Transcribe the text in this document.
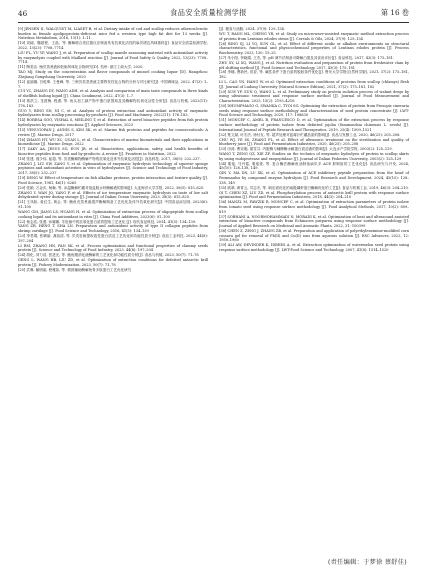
46	食品安全质量检测学报	第 16 卷

[9] JENSEN II, WALQUIST M, LIASET B, et al. Dietary intake of cod and scallop reduces atherosclerotic burden in female apolipoprotein-deficient mice fed a western type high fat diet for 13 weeks [J]. Nutrition Metabolism, 2016, 13(1): 1–11.

[10] 刘阔、魏超程、王晶、等. 酶解联合美拉德反应制备具有抗氧化活性的扇贝裙边风味基料[J]. 食品安全质量检测学报, 2022, 13(23): 7708–7714.

LIU FL, YU YP, WANG J, et al. Preparation of scallop mantle seasoning material with antioxidant activity by enzymolysis coupled with Maillard reaction [J]. Journal of Food Safety & Quality, 2022, 13(23): 7708–7714.

[11] 陶美洁. 贻贝蒸煮液和牡蛎风味化合物研究[D]. 杭州: 浙江工商大学, 2020.

TAO MJ. Study on the concentration and flavor compounds of mussel cooking liquor [D]. Hangzhou: Zhejiang Gongshang University, 2020

[12] 崔丽娜, 吕乾坤, 王曼峰, 等. 三种贝类蒸煮液主要挥发性化合物的分析与对比研究[J]. 中国调味品, 2022, 47(3): 1–7.

CUI YC, ZHANG DY, WANG ADH, et al. Analysis and comparison of main taste compounds in three kinds of shellfish boiling liquid [J]. China Condiment, 2022, 47(3): 1–7.

[13] 郭洪立, 龙建梅, 程潇, 等. 鱼头加工副产物中蛋白质提取及其酶解物抗氧化活性分析[J]. 食品与机械, 2022(11): 176–183.

GUO Y, BING SN, NI C, et al. Analysis of protein extraction and antioxidant activity of enzymatic hydrolysates from scallop processing by-products [J]. Food and Machinery, 2022(11): 176–183.

[14] RORESA GOO, VISHAL S, MEILING T, et al. Extraction of novel bioactive peptides from fish protein hydrolysates by enzymatic reactions [J]. Applied Sciences, 2023

[15] VENUGOPAN J, ANNIS S, KIM SK, et al. Marine fish proteins and peptides for cosmeceuticals: A review [J]. Marine Drugs, 2017

[16] ZHANG HT, WU XC, QUAN L, et al. Characteristics of marine biomaterials and their applications in biomedicine [J]. Marine Drugs, 2022

[17] ZAKY AA, JESUS SG, EUN JB, et al. Bioactivities, applications, safety, and health benefits of bioactive peptides from food and by-products: A review [J]. Frontiers in Nutrition, 2022

[18] 张建, 邢少伟, 崔超, 等. 贝类酶解物酶解产物的抗氧化及体外抗氧化活性[J]. 食品科技, 2017, 38(5): 232–237.

ZHANG J, LIU SW, ZANG Y, et al. Optimization of enzymatic hydrolysis technology of squeeze sponge peptones and antioxidant activities in vitro of hydrolysates [J]. Science and Technology of Food Industry, 2017, 38(5): 232–237

[19] DENG W. Effect of temperature on fish alkaline protease, protein interaction and texture quality [J]. Food Science, 1981, 46(1): 6265

[20] 张颖, 万金庆, 杨畅, 等. 冰温酶解贮藏对低盐脱水虾酶解液的影响[J]. 大连海洋大学学报, 2022, 38(5): 815–825.

ZHANG Y, WAN JQ, YANG F, et al. Effects of ice temperature enzymatic hydrolysis on taste of low salt dehydrated oyster during storage [J]. Journal of Dalian Ocean University, 2023, 38(5): 815–825.

[21] 王凤娇, 姜红生, 黄会, 等. 鲍鱼壳蒸煮液超声酶解制备工艺优化及体外抗氧化研究[J]. 中国食品添加剂, 2023(6): 91–100

WANG GM, JIANG LS, HUANG H, et al. Optimization of extraction process of oligopeptide from scallop cooking liquid and its antioxidant in vitro [J]. China Food Additives, 2023(6): 91–100

[22] 杨志浩, 张蕾, 孙娜娜. 羊肚菌中的抗氧化蛋白质的提取工艺优化 [J]. 现代食品科技, 2014, 41(5): 134–139.

YANG ZR, HENG T, SHA LN. Preparation and antioxidant activity of type II collagen peptides from shrimp cartilage [J]. Food Science and Technology, 2016, 41(5): 134–139

[23] 李君璞, 张嗨丽, 龚蕊清, 等. 贝类牡蛎提取改性蛋白质及工艺优化和功能性质分析[J]. 食品工业科技, 2023, 44(8): 197–204

LI RM, ZHANG HN, PAN SK, et al. Process optimization and functional properties of clammy seeds protein [J]. Science and Technology of Food Industry, 2023, 44(8): 197–204

[24] 胡化, 刘力浩, 张进光, 等. 鲍鱼腹消化液酶解的工艺优化和功能性质分析[J]. 食品与机械, 2023, 50(7): 71–78

GENG L, WANG HB, LIU ZD, et al. Optimization of extraction conditions for defatted antarctic krill protein [J]. Fishery Modernization, 2023, 50(7): 71–78

[25] 武琳, 臧明丽, 程雅如, 等. 微波辅助酶解鱼骨多肽蛋白工艺优化研究

[J]. 粮食与油脂, 2024, 37(9): 129–134.

WU T, RANG ML, CHENG YR, et al. Study on microwave-assisted enzymatic method extraction process of protein from Lentinus edodes stems [J]. Cereals & Oils, 2024, 37(9): 129–134

[26] BING SJ, LI YQ, SUN GL, et al. Effect of different acidic or alkaline environments on structural characteristics, functional and physicochemical properties of Lentinus edodes protein [J]. Process Biochemistry, 2023, 130: 15–25.

[27] 朱小阳, 李晓娟, 王杰, 等. pH 调节法制备可降解白果及其食用评价[J]. 食品科技, 2017, 43(3): 175–181.

ZHU XY, LI XQ, WANG J, et al. Nutrition evaluation and preparation of protein from freshwater clam by pH shifting method [J]. Food Science and Technology, 2017, 43(3): 175–181

[28] 李娜, 曹新民, 侯亚, 等. 碱性条件下蛋白质的脱胶条件优化[J]. 鲁东大学学报(自然科学版), 2021, 37(2): 175–181, 182.

LI L, CAO YN, HANG W, et al. Optimized extraction conditions of proteins from scallop (chlamys) flesh [J]. Journal of Ludong University (Natural Science Edition), 2021, 37(2): 175–181, 182

[29] XUE YF, SUN Q, WANG L, et al. Preliminary study on protein isolation process of walnut dregs by using ultrasonic treatment and response surface method [J]. Journal of Food Measurement and Characterization, 2023, 15(2): 2193–4216

[30] DHUMPMAGO G, SWANKA C, TYOI SG. Optimizing the extraction of protein from Prosopis cineraria seeds using response surface methodology and characterization of seed protein concentrate [J]. LWT-Food Science and Technology, 2020, 117: 108630

[31] MONCEF C, AMEL B, FRANCESCO D, et al. Optimization of the extraction process by response surface methodology of protein isolate from defatted jojoba (Simmondsia chinensis L. seeds) [J]. International Journal of Peptide Research and Therapeutics, 2019, 25(4): 1509–1521

[32] 楚文斌, 叶宏法, 徐付友, 等. 超声处理对蓝莓汁贮藏品质的影响[J]. 食品与发酵工业, 2020, 46(25): 205–208.

CHU WJ, YE SS, ZHANG FL, et al. Effect of ultrasonic treatment on the sterilization and quality of blueberry juice [J]. Food and Fermentation Industries, 2020, 46(25): 205–208

[33] 田涛, 曹宋刚, 胡雪芬. 内脏酶与辅酶酶水解蛋白质溶液的影响[J]. 大连水产学院学报, 2003(2): 125–129.

WANG T, ZENG QZ, XIE ZF. Studies on the technics of enzymatic hydrolysis of protein in scallop skirts by using endoprotease and exopeptidase [J]. Journal of Dalian Fisheries University, 2003(2): 125–129

[34] 秦瑶, 马丹铭, 秦瑶萱, 等. 复合酶法酶解鱼油制备扇贝多 ACE 抑制肽的工艺优化[J]. 食品研究与开发, 2024, 45(10): 128–138, 149.

QIN Y, MA DN, LU XK, et al. Optimization of ACE inhibitory peptide preparation from the head of Perumaulus by compound enzyme hydrolysis [J]. Food Research and Development, 2024, 45(10): 128–138, 149

[35] 戚翠, 黄青云, 司志冬, 等. 响应面优化的南极磷虾蛋白酶解优化的工艺[J]. 食品与机械工业, 2019, 46(3): 204–210.

QI T, CHEN XZ, LIU ZD, et al. Phosphorylation process of antarctic krill protein with response surface optimization [J]. Food and Fermentation Industries, 2018, 44(3): 204–210

[36] MANZL M, FAWZIK R, MONCEF C, et al. Optimization of extraction parameters of protein isolate from tomato seed using response surface methodology [J]. Food Analytical Methods, 2017, 10(2): 809–819

[37] SOBHANI A, NOORMOHAMMADI N, MORADI K, et al. Optimization of heat and ultrasound assisted extraction of bioactive compounds from Echinacea purpurea using response surface methodology [J]. Journal of Applied Research on Medicinal and Aromatic Plants, 2022, 31: 100399

[38] CHEN Z, ZENG J, ZHANG ZB, et al. Preparation and application of polyethyleneimine-modified corn cassava gel for removal of Pb(II) and Cu(II) ions from aqueous solution [J]. RSC Advances, 2022, 12: 1950–1960

[39] ALI AW, DEVINDER K, IDREES A, et al. Extraction optimization of watermelon seed protein using response surface methodology [J]. LWT-Food Science and Technology, 2007, 41(8): 1514–1520

(责任编辑：于梦徐 蔡舒佳)
